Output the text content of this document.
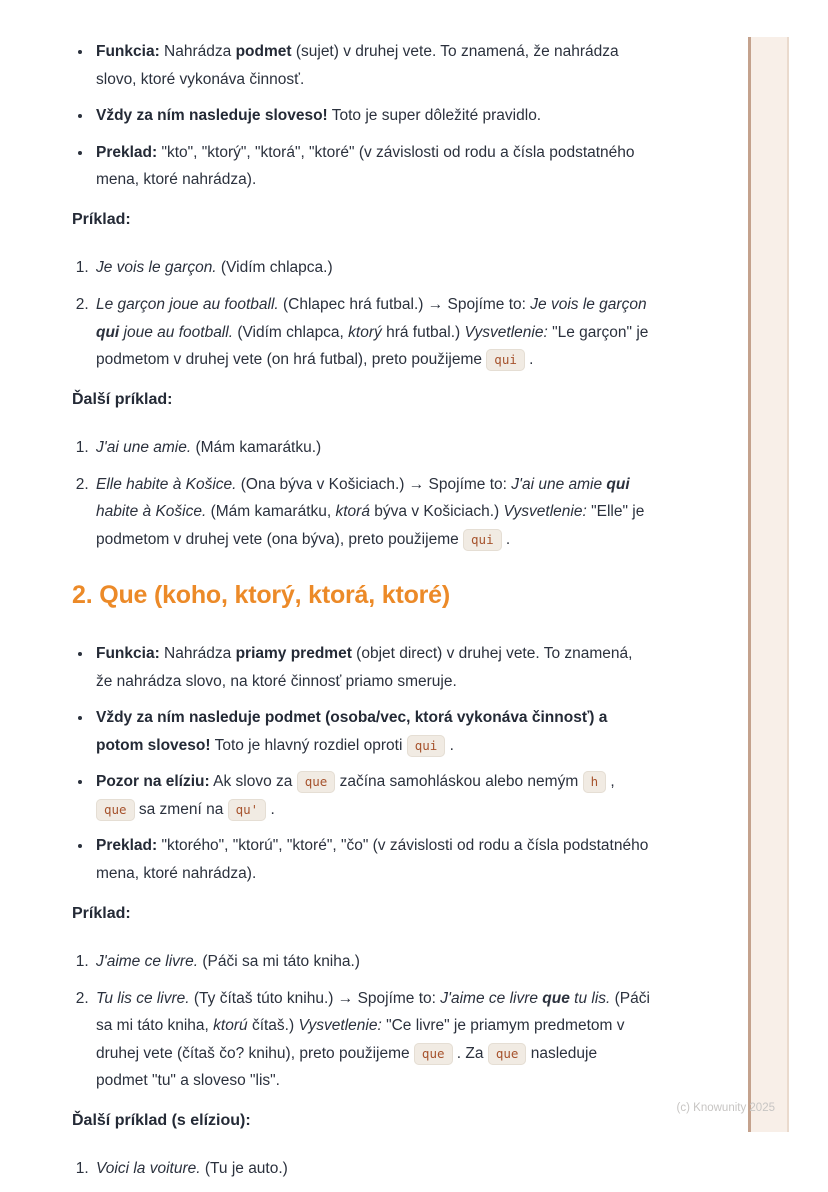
• Funkcia: Nahrádza podmet (sujet) v druhej vete. To znamená, že nahrádza slovo, ktoré vykonáva činnosť.
• Vždy za ním nasleduje sloveso! Toto je super dôležité pravidlo.
• Preklad: "kto", "ktorý", "ktorá", "ktoré" (v závislosti od rodu a čísla podstatného mena, ktoré nahrádza).
Príklad:
1. Je vois le garçon. (Vidím chlapca.)
2. Le garçon joue au football. (Chlapec hrá futbal.) → Spojíme to: Je vois le garçon qui joue au football. (Vidím chlapca, ktorý hrá futbal.) Vysvetlenie: "Le garçon" je podmetom v druhej vete (on hrá futbal), preto použijeme qui .
Ďalší príklad:
1. J'ai une amie. (Mám kamarátku.)
2. Elle habite à Košice. (Ona býva v Košiciach.) → Spojíme to: J'ai une amie qui habite à Košice. (Mám kamarátku, ktorá býva v Košiciach.) Vysvetlenie: "Elle" je podmetom v druhej vete (ona býva), preto použijeme qui .
2. Que (koho, ktorý, ktorá, ktoré)
• Funkcia: Nahrádza priamy predmet (objet direct) v druhej vete. To znamená, že nahrádza slovo, na ktoré činnosť priamo smeruje.
• Vždy za ním nasleduje podmet (osoba/vec, ktorá vykonáva činnosť) a potom sloveso! Toto je hlavný rozdiel oproti qui .
• Pozor na elíziu: Ak slovo za que začína samohláskou alebo nemým h , que sa zmení na qu' .
• Preklad: "ktorého", "ktorú", "ktoré", "čo" (v závislosti od rodu a čísla podstatného mena, ktoré nahrádza).
Príklad:
1. J'aime ce livre. (Páči sa mi táto kniha.)
2. Tu lis ce livre. (Ty čítaš túto knihu.) → Spojíme to: J'aime ce livre que tu lis. (Páči sa mi táto kniha, ktorú čítaš.) Vysvetlenie: "Ce livre" je priamym predmetom v druhej vete (čítaš čo? knihu), preto použijeme que . Za que nasleduje podmet "tu" a sloveso "lis".
Ďalší príklad (s elíziou):
1. Voici la voiture. (Tu je auto.)
(c) Knowunity 2025
